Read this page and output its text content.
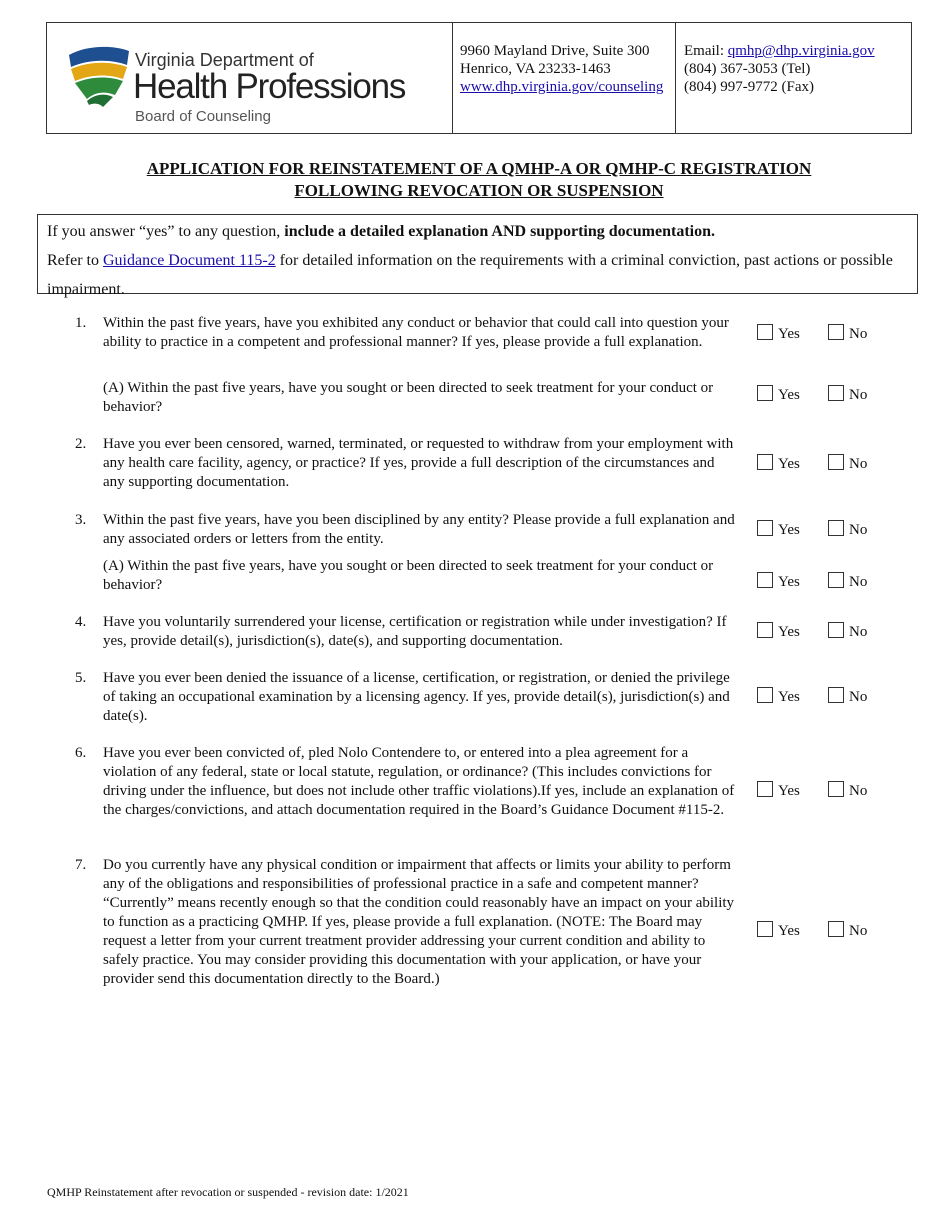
Virginia Department of
Health Professions
Board of Counseling
9960 Mayland Drive, Suite 300
Henrico, VA 23233-1463
www.dhp.virginia.gov/counseling
Email: qmhp@dhp.virginia.gov
(804) 367-3053 (Tel)
(804) 997-9772 (Fax)
APPLICATION FOR REINSTATEMENT OF A QMHP-A OR QMHP-C REGISTRATION
FOLLOWING REVOCATION OR SUSPENSION
If you answer “yes” to any question, include a detailed explanation AND supporting documentation.
Refer to Guidance Document 115-2 for detailed information on the requirements with a criminal conviction, past actions or possible impairment.
1. Within the past five years, have you exhibited any conduct or behavior that could call into question your ability to practice in a competent and professional manner? If yes, please provide a full explanation.	Yes	No
(A) Within the past five years, have you sought or been directed to seek treatment for your conduct or behavior?
Yes	No
2. Have you ever been censored, warned, terminated, or requested to withdraw from your employment with any health care facility, agency, or practice? If yes, provide a full description of the circumstances and any supporting documentation.
Yes	No
3. Within the past five years, have you been disciplined by any entity? Please provide a full explanation and any associated orders or letters from the entity.
Yes	No
(A) Within the past five years, have you sought or been directed to seek treatment for your conduct or behavior?	Yes	No
4. Have you voluntarily surrendered your license, certification or registration while under investigation? If yes, provide detail(s), jurisdiction(s), date(s), and supporting documentation.
Yes	No
5. Have you ever been denied the issuance of a license, certification, or registration, or denied the privilege of taking an occupational examination by a licensing agency. If yes, provide detail(s), jurisdiction(s) and date(s).
Yes	No
6. Have you ever been convicted of, pled Nolo Contendere to, or entered into a plea agreement for a violation of any federal, state or local statute, regulation, or ordinance? (This includes convictions for driving under the influence, but does not include other traffic violations).If yes, include an explanation of the charges/convictions, and attach documentation required in the Board’s Guidance Document #115-2.
Yes	No
7. Do you currently have any physical condition or impairment that affects or limits your ability to perform any of the obligations and responsibilities of professional practice in a safe and competent manner? “Currently” means recently enough so that the condition could reasonably have an impact on your ability to function as a practicing QMHP. If yes, please provide a full explanation. (NOTE: The Board may request a letter from your current treatment provider addressing your current condition and ability to safely practice. You may consider providing this documentation with your application, or have your provider send this documentation directly to the Board.)
Yes	No
QMHP Reinstatement after revocation or suspended - revision date: 1/2021
